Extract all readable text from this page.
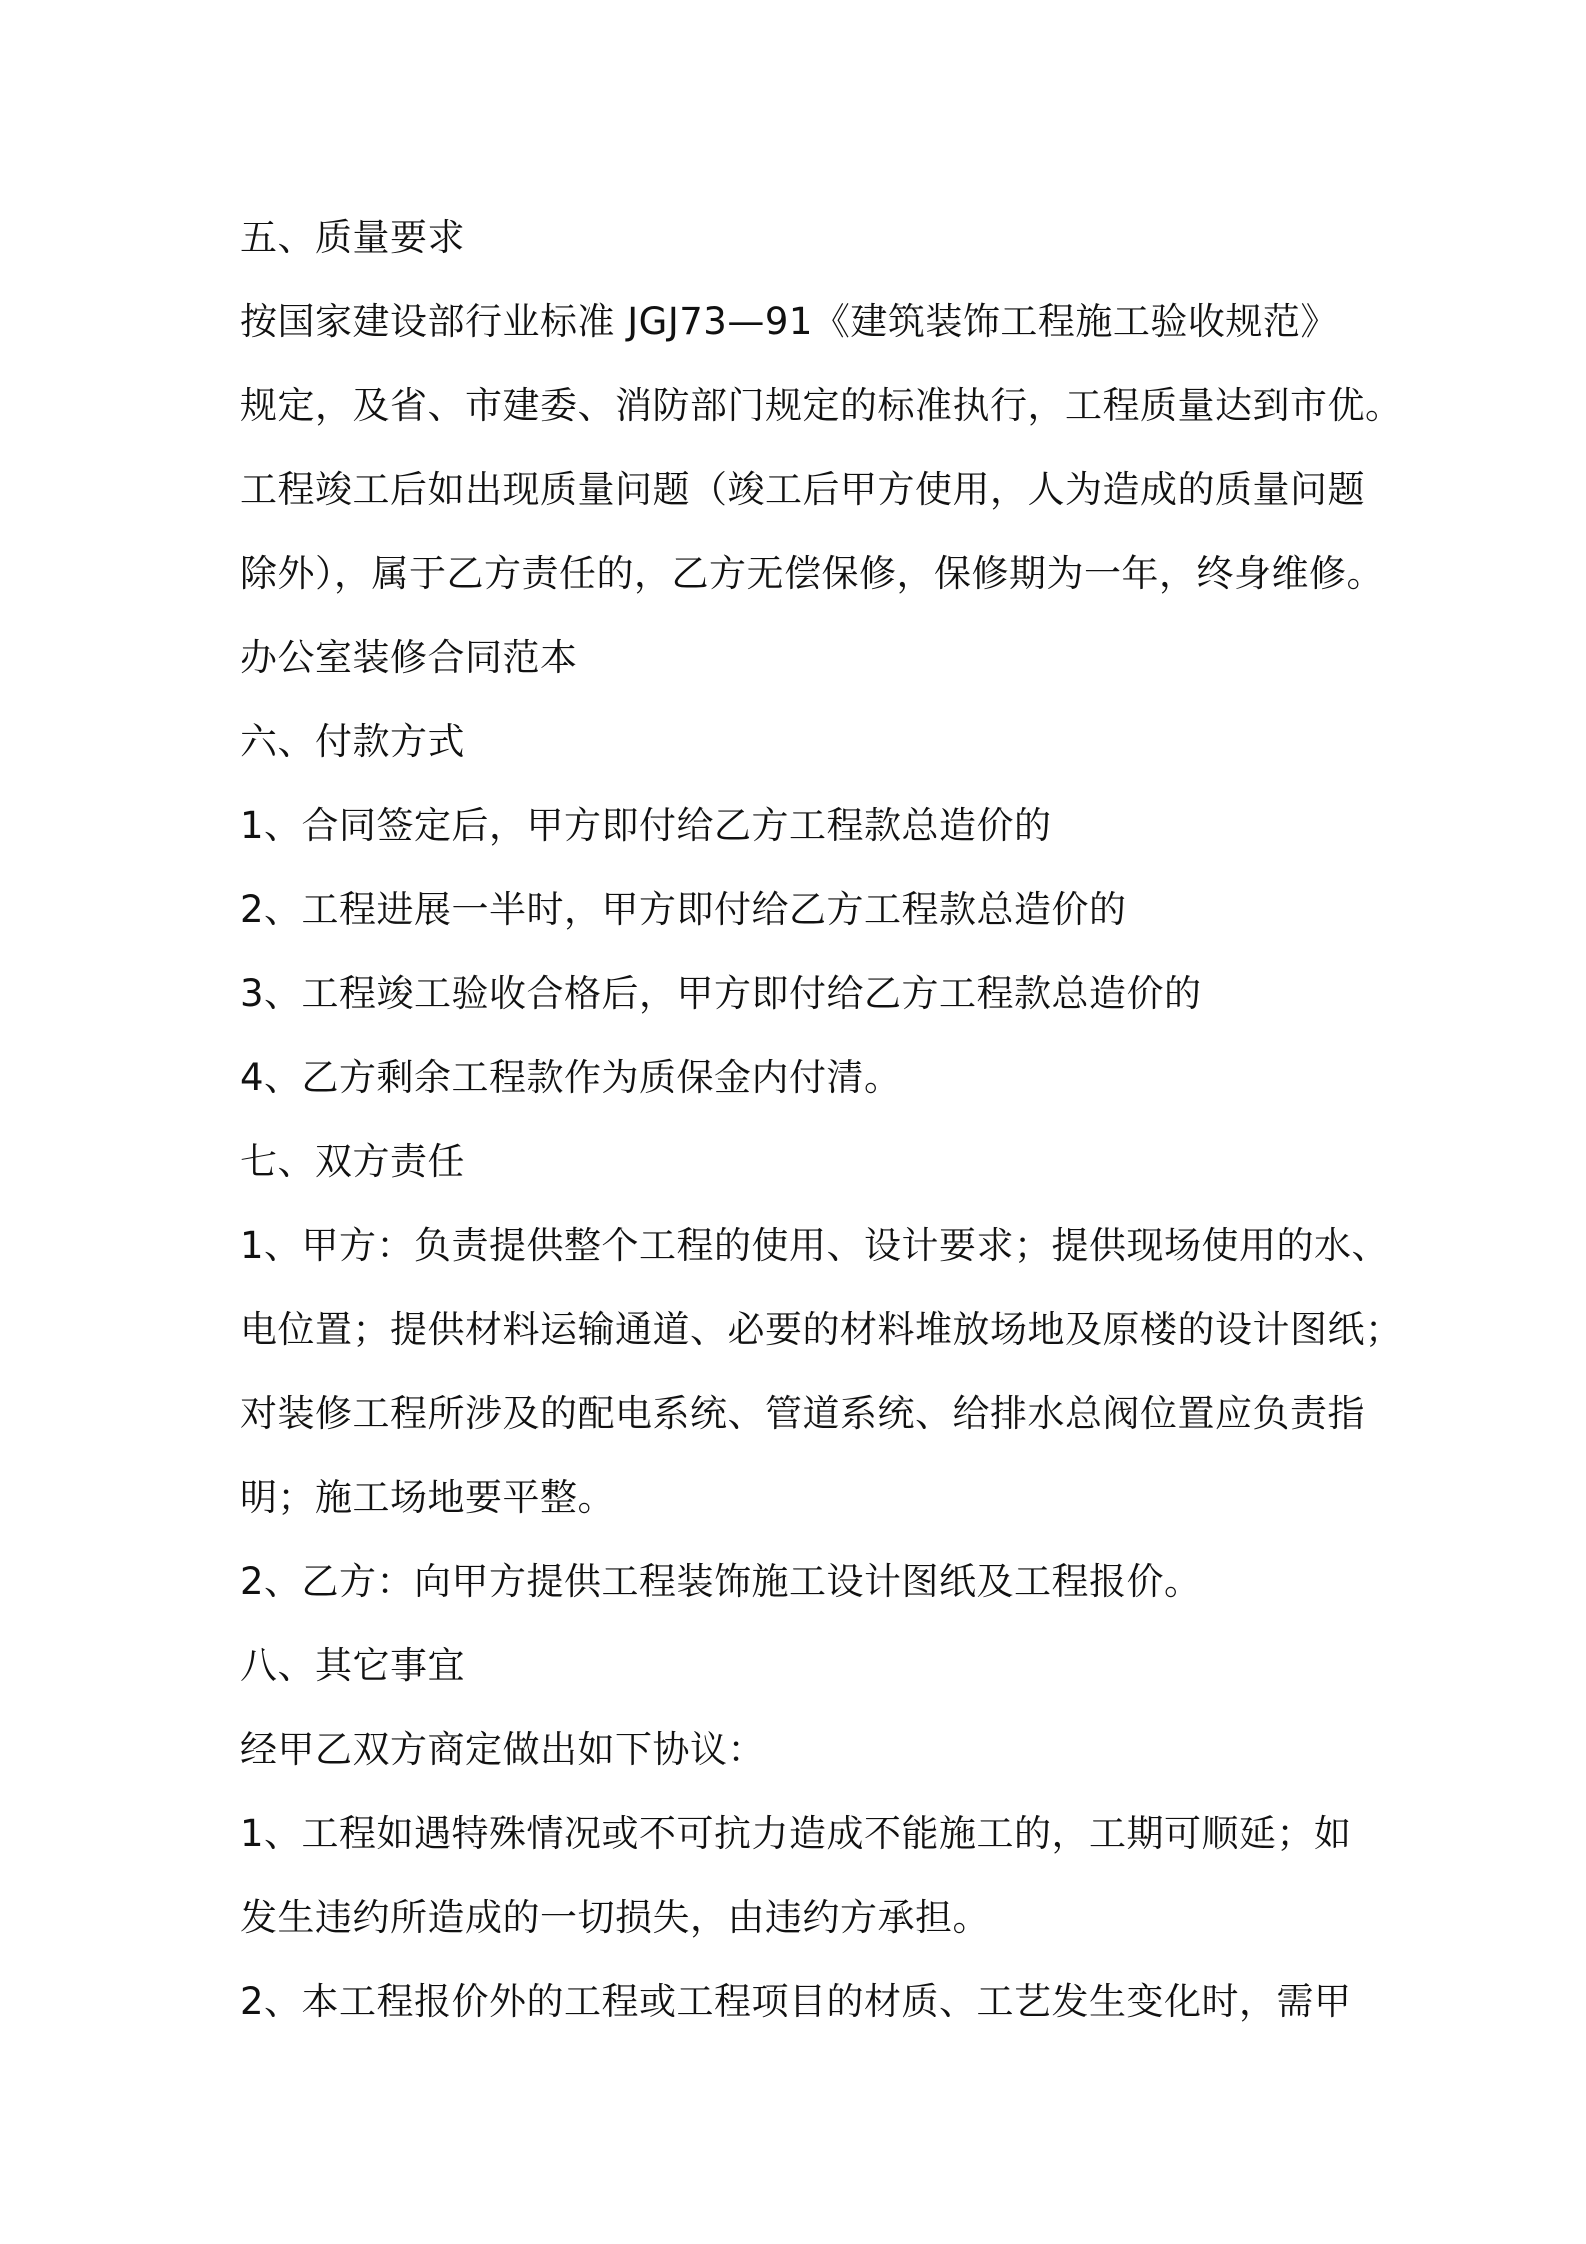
五、质量要求
按国家建设部行业标准 JGJ73—91《建筑装饰工程施工验收规范》
规定，及省、市建委、消防部门规定的标准执行，工程质量达到市优。
工程竣工后如出现质量问题（竣工后甲方使用，人为造成的质量问题
除外），属于乙方责任的，乙方无偿保修，保修期为一年，终身维修。
办公室装修合同范本
六、付款方式
1、合同签定后，甲方即付给乙方工程款总造价的
2、工程进展一半时，甲方即付给乙方工程款总造价的
3、工程竣工验收合格后，甲方即付给乙方工程款总造价的
4、乙方剩余工程款作为质保金内付清。
七、双方责任
1、甲方：负责提供整个工程的使用、设计要求；提供现场使用的水、
电位置；提供材料运输通道、必要的材料堆放场地及原楼的设计图纸；
对装修工程所涉及的配电系统、管道系统、给排水总阀位置应负责指
明；施工场地要平整。
2、乙方：向甲方提供工程装饰施工设计图纸及工程报价。
八、其它事宜
经甲乙双方商定做出如下协议：
1、工程如遇特殊情况或不可抗力造成不能施工的，工期可顺延；如
发生违约所造成的一切损失，由违约方承担。
2、本工程报价外的工程或工程项目的材质、工艺发生变化时，需甲
